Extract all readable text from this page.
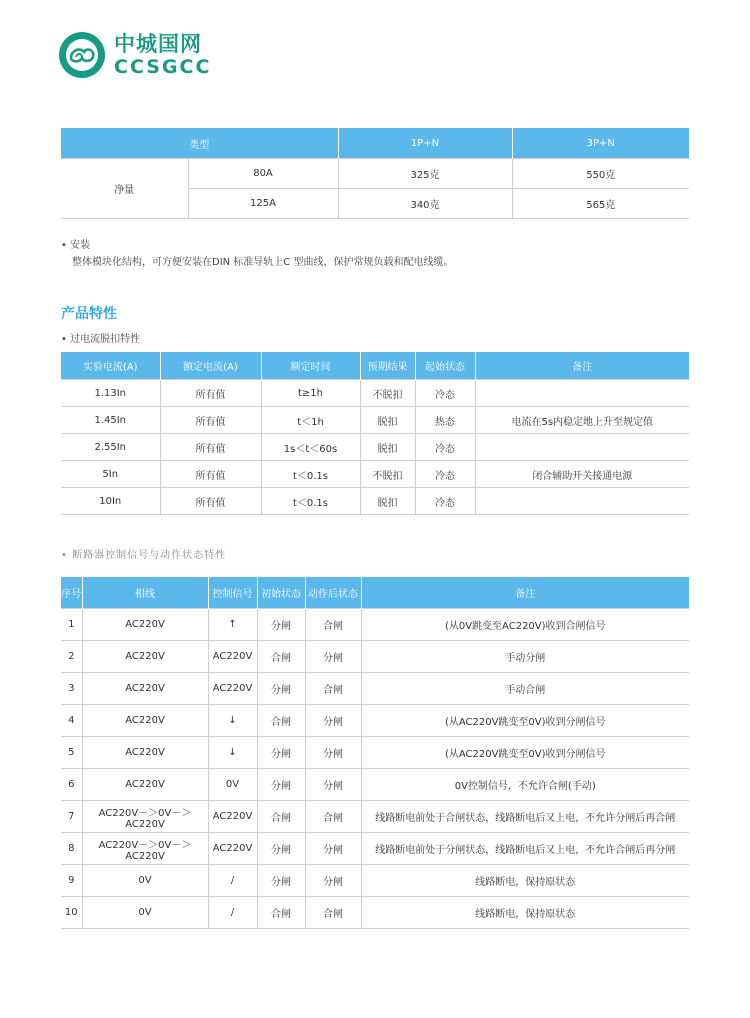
中城国网
CCSGCC
类型		1P+N	3P+N
净量	80A	325克	550克
	125A	340克	565克
• 安装
整体模块化结构，可方便安装在DIN 标准导轨上C 型曲线，保护常规负载和配电线缆。
产品特性
• 过电流脱扣特性
实验电流(A)	额定电流(A)	额定时间	预期结果	起始状态	备注
1.13In	所有值	t≥1h	不脱扣	冷态	
1.45In	所有值	t＜1h	脱扣	热态	电流在5s内稳定地上升至规定值
2.55In	所有值	1s＜t＜60s	脱扣	冷态	
5In	所有值	t＜0.1s	不脱扣	冷态	闭合辅助开关接通电源
10In	所有值	t＜0.1s	脱扣	冷态	
• 断路器控制信号与动作状态特性
序号	相线	控制信号	初始状态	动作后状态	备注
1	AC220V	↑	分闸	合闸	(从0V跳变至AC220V)收到合闸信号
2	AC220V	AC220V	合闸	分闸	手动分闸
3	AC220V	AC220V	分闸	合闸	手动合闸
4	AC220V	↓	合闸	分闸	(从AC220V跳变至0V)收到分闸信号
5	AC220V	↓	分闸	分闸	(从AC220V跳变至0V)收到分闸信号
6	AC220V	0V	分闸	分闸	0V控制信号，不允许合闸(手动)
7	AC220V－＞0V－＞AC220V	AC220V	合闸	合闸	线路断电前处于合闸状态，线路断电后又上电，不允许分闸后再合闸
8	AC220V－＞0V－＞AC220V	AC220V	分闸	分闸	线路断电前处于分闸状态，线路断电后又上电，不允许合闸后再分闸
9	0V	/	分闸	分闸	线路断电，保持原状态
10	0V	/	合闸	合闸	线路断电，保持原状态
